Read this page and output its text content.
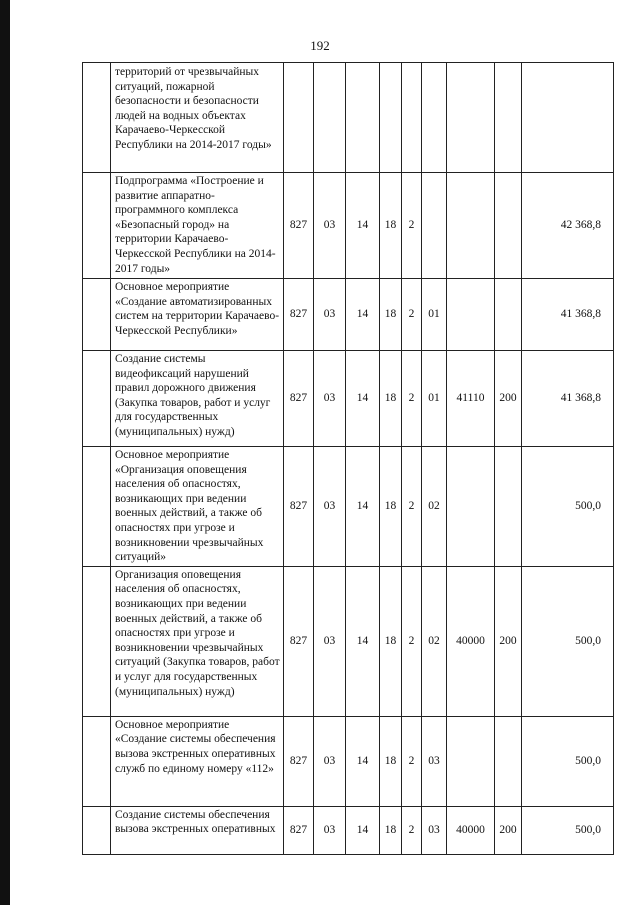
192
	территорий от чрезвычайных ситуаций, пожарной безопасности и безопасности людей на водных объектах Карачаево-Черкесской Республики на 2014-2017 годы»									
	Подпрограмма «Построение и развитие аппаратно-программного комплекса «Безопасный город» на территории Карачаево-Черкесской Республики на 2014-2017 годы»	827	03	14	18	2				42 368,8
	Основное мероприятие «Создание автоматизированных систем на территории Карачаево-Черкесской Республики»	827	03	14	18	2	01			41 368,8
	Создание системы видеофиксаций нарушений правил дорожного движения (Закупка товаров, работ и услуг для государственных (муниципальных) нужд)	827	03	14	18	2	01	41110	200	41 368,8
	Основное мероприятие «Организация оповещения населения об опасностях, возникающих при ведении военных действий, а также об опасностях при угрозе и возникновении чрезвычайных ситуаций»	827	03	14	18	2	02			500,0
	Организация оповещения населения об опасностях, возникающих при ведении военных действий, а также об опасностях при угрозе и возникновении чрезвычайных ситуаций (Закупка товаров, работ и услуг для государственных (муниципальных) нужд)	827	03	14	18	2	02	40000	200	500,0
	Основное мероприятие «Создание системы обеспечения вызова экстренных оперативных служб по единому номеру «112»	827	03	14	18	2	03			500,0
	Создание системы обеспечения вызова экстренных оперативных	827	03	14	18	2	03	40000	200	500,0
